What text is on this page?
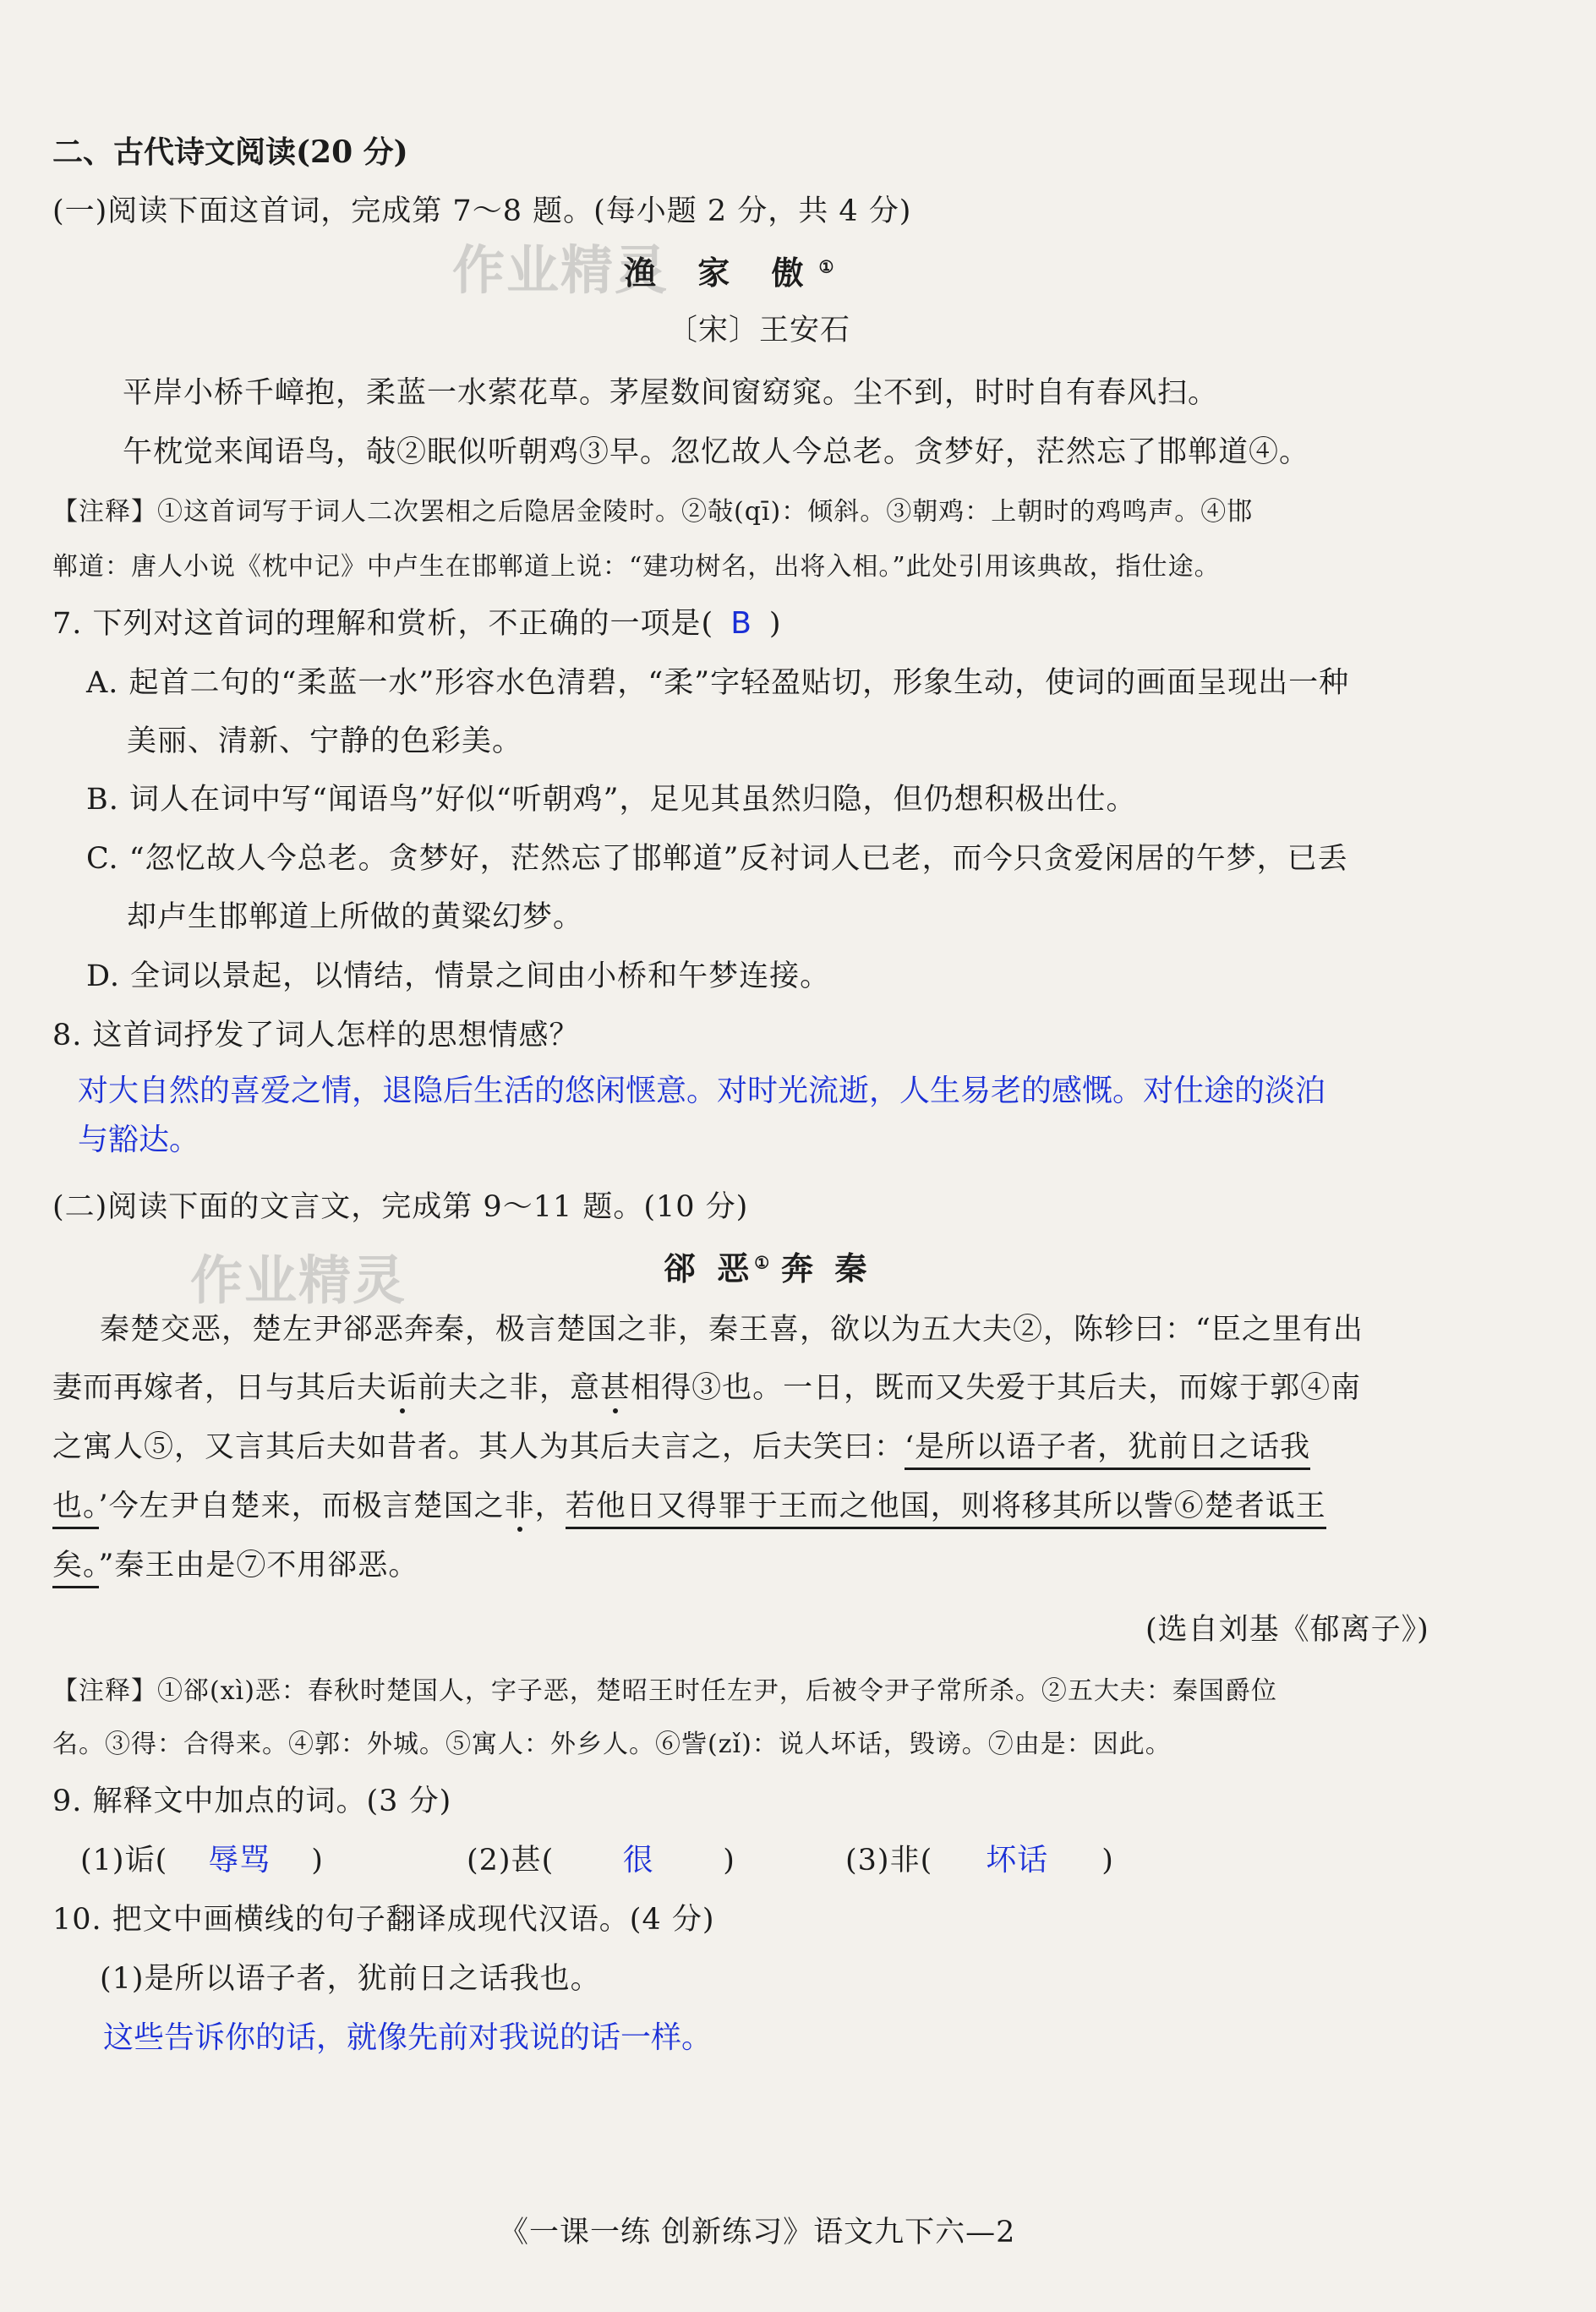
二、古代诗文阅读(20 分)
(一)阅读下面这首词，完成第 7～8 题。(每小题 2 分，共 4 分)
作业精灵
渔 家 傲①
〔宋〕王安石
平岸小桥千嶂抱，柔蓝一水萦花草。茅屋数间窗窈窕。尘不到，时时自有春风扫。
午枕觉来闻语鸟，敧②眠似听朝鸡③早。忽忆故人今总老。贪梦好，茫然忘了邯郸道④。
【注释】①这首词写于词人二次罢相之后隐居金陵时。②敧(qī)：倾斜。③朝鸡：上朝时的鸡鸣声。④邯
郸道：唐人小说《枕中记》中卢生在邯郸道上说：“建功树名，出将入相。”此处引用该典故，指仕途。
7. 下列对这首词的理解和赏析，不正确的一项是( B )
A. 起首二句的“柔蓝一水”形容水色清碧，“柔”字轻盈贴切，形象生动，使词的画面呈现出一种
美丽、清新、宁静的色彩美。
B. 词人在词中写“闻语鸟”好似“听朝鸡”，足见其虽然归隐，但仍想积极出仕。
C. “忽忆故人今总老。贪梦好，茫然忘了邯郸道”反衬词人已老，而今只贪爱闲居的午梦，已丢
却卢生邯郸道上所做的黄粱幻梦。
D. 全词以景起，以情结，情景之间由小桥和午梦连接。
8. 这首词抒发了词人怎样的思想情感？
对大自然的喜爱之情，退隐后生活的悠闲惬意。对时光流逝，人生易老的感慨。对仕途的淡泊
与豁达。
(二)阅读下面的文言文，完成第 9～11 题。(10 分)
作业精灵	郤 恶① 奔 秦
秦楚交恶，楚左尹郤恶奔秦，极言楚国之非，秦王喜，欲以为五大夫②，陈轸曰：“臣之里有出
妻而再嫁者，日与其后夫诟前夫之非，意甚相得③也。一日，既而又失爱于其后夫，而嫁于郭④南
之寓人⑤，又言其后夫如昔者。其人为其后夫言之，后夫笑曰：‘是所以语子者，犹前日之话我
也。’今左尹自楚来，而极言楚国之非，若他日又得罪于王而之他国，则将移其所以訾⑥楚者诋王
矣。”秦王由是⑦不用郤恶。
(选自刘基《郁离子》)
【注释】①郤(xì)恶：春秋时楚国人，字子恶，楚昭王时任左尹，后被令尹子常所杀。②五大夫：秦国爵位
名。③得：合得来。④郭：外城。⑤寓人：外乡人。⑥訾(zǐ)：说人坏话，毁谤。⑦由是：因此。
9. 解释文中加点的词。(3 分)
(1)诟( 辱骂 )	(2)甚( 很 )	(3)非( 坏话 )
10. 把文中画横线的句子翻译成现代汉语。(4 分)
(1)是所以语子者，犹前日之话我也。
这些告诉你的话，就像先前对我说的话一样。
《一课一练 创新练习》语文九下六—2
